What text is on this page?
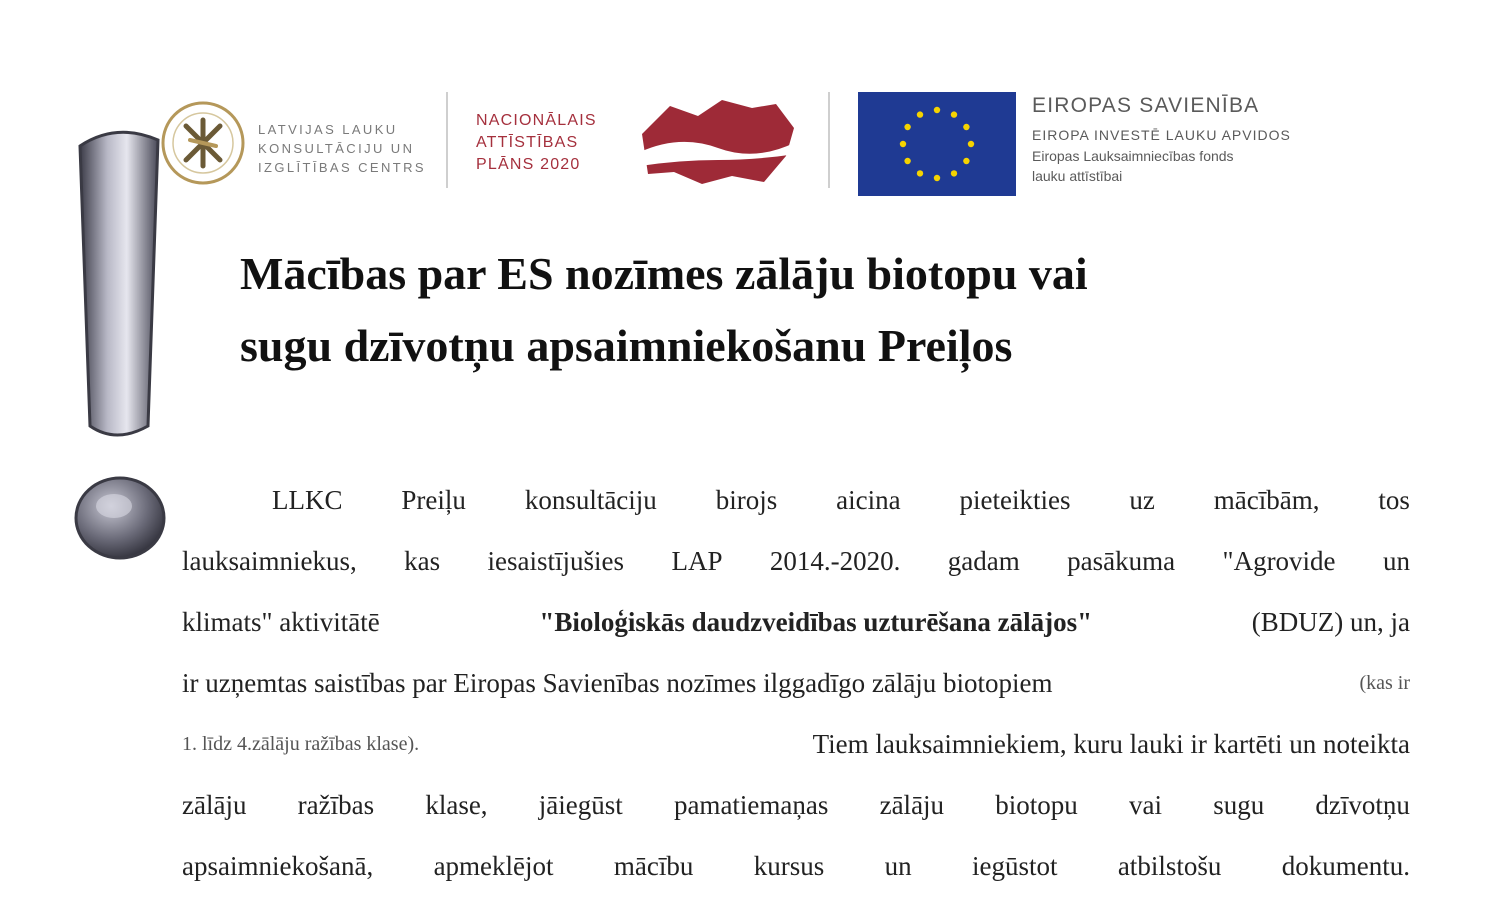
LATVIJAS LAUKU
KONSULTĀCIJU UN
IZGLĪTĪBAS CENTRS
NACIONĀLAIS
ATTĪSTĪBAS
PLĀNS 2020
EIROPAS SAVIENĪBA
EIROPA INVESTĒ LAUKU APVIDOS
Eiropas Lauksaimniecības fonds
lauku attīstībai
Mācības par ES nozīmes zālāju biotopu vai
sugu dzīvotņu apsaimniekošanu Preiļos
LLKC Preiļu konsultāciju birojs aicina pieteikties uz mācībām, tos
lauksaimniekus, kas iesaistījušies LAP 2014.-2020. gadam pasākuma "Agrovide un
klimats" aktivitātē	"Bioloģiskās daudzveidības uzturēšana zālājos"	(BDUZ) un, ja
ir uzņemtas saistības par Eiropas Savienības nozīmes ilggadīgo zālāju biotopiem	(kas ir
1. līdz 4.zālāju ražības klase).	Tiem lauksaimniekiem, kuru lauki ir kartēti un noteikta
zālāju ražības klase, jāiegūst pamatiemaņas zālāju biotopu vai sugu dzīvotņu
apsaimniekošanā, apmeklējot mācību kursus un iegūstot atbilstošu dokumentu.
